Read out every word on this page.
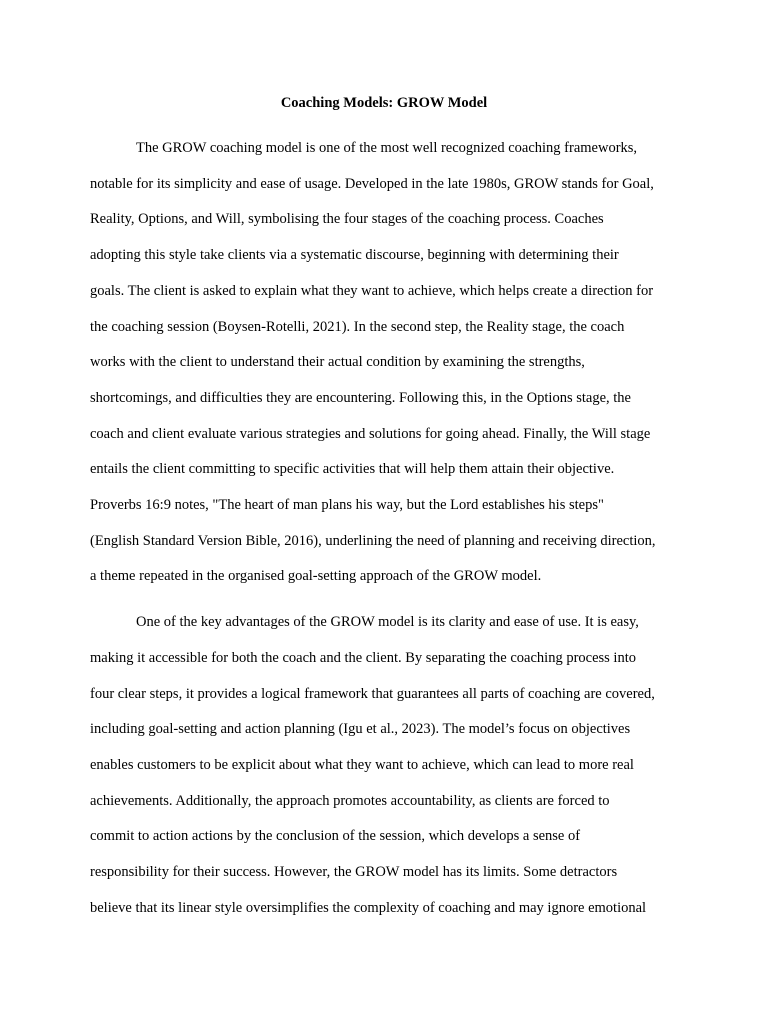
Coaching Models: GROW Model

The GROW coaching model is one of the most well recognized coaching frameworks,

notable for its simplicity and ease of usage. Developed in the late 1980s, GROW stands for Goal,

Reality, Options, and Will, symbolising the four stages of the coaching process. Coaches

adopting this style take clients via a systematic discourse, beginning with determining their

goals. The client is asked to explain what they want to achieve, which helps create a direction for

the coaching session (Boysen-Rotelli, 2021). In the second step, the Reality stage, the coach

works with the client to understand their actual condition by examining the strengths,

shortcomings, and difficulties they are encountering. Following this, in the Options stage, the

coach and client evaluate various strategies and solutions for going ahead. Finally, the Will stage

entails the client committing to specific activities that will help them attain their objective.

Proverbs 16:9 notes, "The heart of man plans his way, but the Lord establishes his steps"

(English Standard Version Bible, 2016), underlining the need of planning and receiving direction,

a theme repeated in the organised goal-setting approach of the GROW model.

One of the key advantages of the GROW model is its clarity and ease of use. It is easy,

making it accessible for both the coach and the client. By separating the coaching process into

four clear steps, it provides a logical framework that guarantees all parts of coaching are covered,

including goal-setting and action planning (Igu et al., 2023). The model’s focus on objectives

enables customers to be explicit about what they want to achieve, which can lead to more real

achievements. Additionally, the approach promotes accountability, as clients are forced to

commit to action actions by the conclusion of the session, which develops a sense of

responsibility for their success. However, the GROW model has its limits. Some detractors

believe that its linear style oversimplifies the complexity of coaching and may ignore emotional
